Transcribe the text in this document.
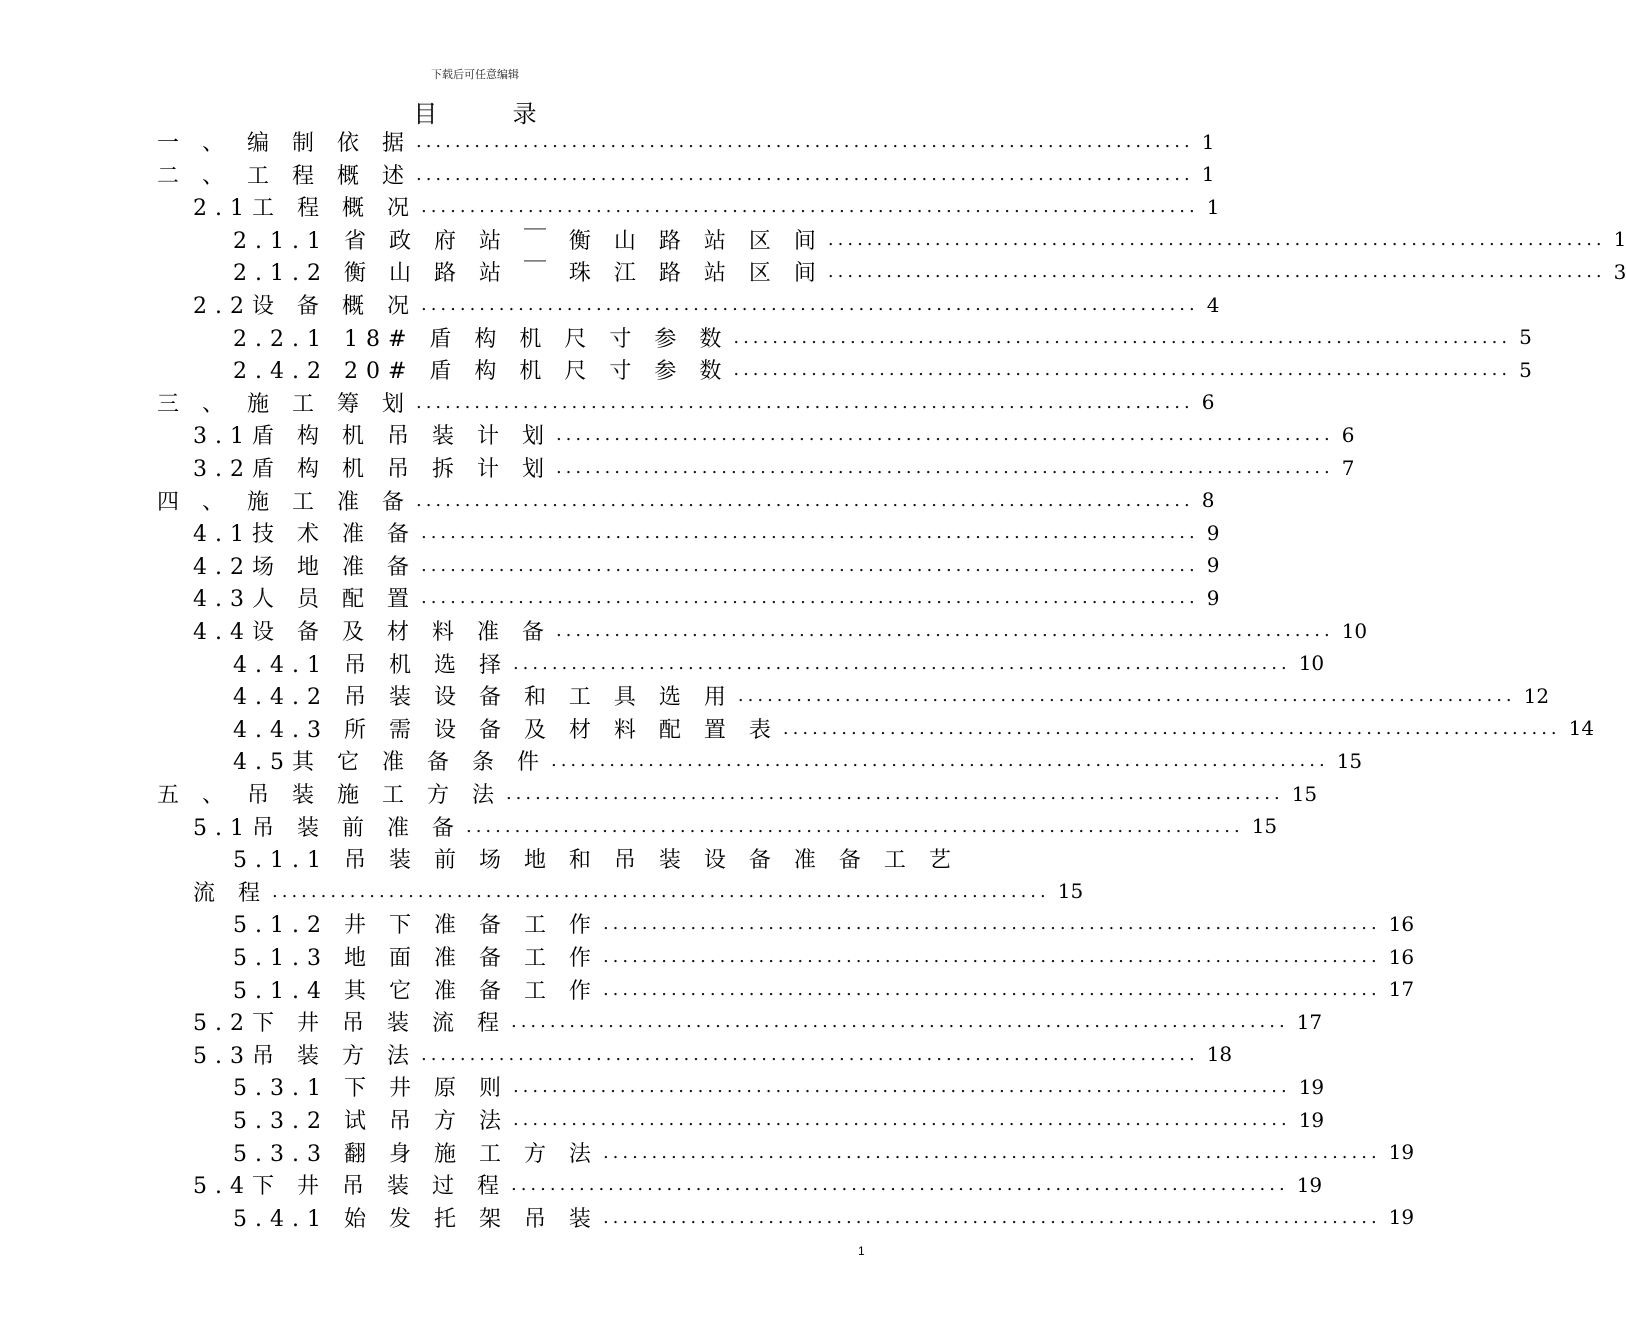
下载后可任意编辑
目	录
一 、 编 制 依 据 ................................................................................ 1
二 、 工 程 概 述 ................................................................................ 1
2.1工 程 概 况 ................................................................................ 1
2.1.1 省 政 府 站 ￣ 衡 山 路 站 区 间 ................................................................................ 1
2.1.2 衡 山 路 站 ￣ 珠 江 路 站 区 间 ................................................................................ 3
2.2设 备 概 况 ................................................................................ 4
2.2.1 18# 盾 构 机 尺 寸 参 数 ................................................................................ 5
2.4.2 20# 盾 构 机 尺 寸 参 数 ................................................................................ 5
三 、 施 工 筹 划 ................................................................................ 6
3.1盾 构 机 吊 装 计 划 ................................................................................ 6
3.2盾 构 机 吊 拆 计 划 ................................................................................ 7
四 、 施 工 准 备 ................................................................................ 8
4.1技 术 准 备 ................................................................................ 9
4.2场 地 准 备 ................................................................................ 9
4.3人 员 配 置 ................................................................................ 9
4.4设 备 及 材 料 准 备 ................................................................................ 10
4.4.1 吊 机 选 择 ................................................................................ 10
4.4.2 吊 装 设 备 和 工 具 选 用 ................................................................................ 12
4.4.3 所 需 设 备 及 材 料 配 置 表 ................................................................................ 14
4.5其 它 准 备 条 件 ................................................................................ 15
五 、 吊 装 施 工 方 法 ................................................................................ 15
5.1吊 装 前 准 备 ................................................................................ 15
5.1.1 吊 装 前 场 地 和 吊 装 设 备 准 备 工 艺
流 程 ................................................................................ 15
5.1.2 井 下 准 备 工 作 ................................................................................ 16
5.1.3 地 面 准 备 工 作 ................................................................................ 16
5.1.4 其 它 准 备 工 作 ................................................................................ 17
5.2下 井 吊 装 流 程 ................................................................................ 17
5.3吊 装 方 法 ................................................................................ 18
5.3.1 下 井 原 则 ................................................................................ 19
5.3.2 试 吊 方 法 ................................................................................ 19
5.3.3 翻 身 施 工 方 法 ................................................................................ 19
5.4下 井 吊 装 过 程 ................................................................................ 19
5.4.1 始 发 托 架 吊 装 ................................................................................ 19
1
